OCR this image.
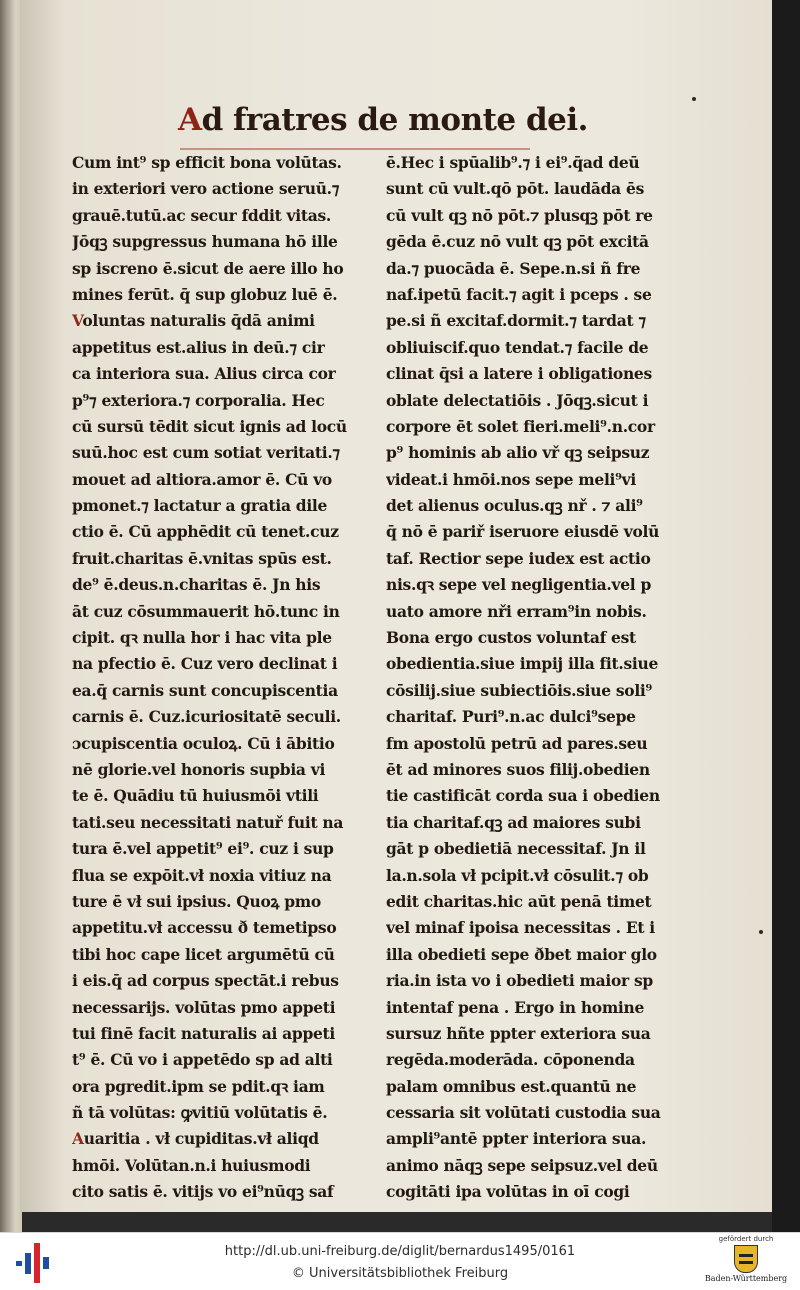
Ad fratres de monte dei.
Cum int⁹ sp efficit bona volūtas.
in exteriori vero actione seruū.⁊
grauē.tutū.ac secur fddit vitas.
Jōqꝫ supgressus humana hō ille
sp iscreno ē.sicut de aere illo ho
mines ferūt. q̄ sup globuz luē ē.
Voluntas naturalis q̄dā animi
appetitus est.alius in deū.⁊ cir
ca interiora sua. Alius circa cor
p⁹⁊ exteriora.⁊ corporalia. Hec
cū sursū tēdit sicut ignis ad locū
suū.hoc est cum sotiat veritati.⁊
mouet ad altiora.amor ē. Cū vo
pmonet.⁊ lactatur a gratia dile
ctio ē. Cū apphēdit cū tenet.cuz
fruit.charitas ē.vnitas spūs est.
de⁹ ē.deus.n.charitas ē. Jn his
āt cuz cōsummauerit hō.tunc in
cipit. qꝛ nulla hor i hac vita ple
na pfectio ē. Cuz vero declinat i
ea.q̄ carnis sunt concupiscentia
carnis ē. Cuz.icuriositatē seculi.
ɔcupiscentia oculoꝝ. Cū i ābitio
nē glorie.vel honoris supbia vi
te ē. Quādiu tū huiusmōi vtili
tati.seu necessitati natuř fuit na
tura ē.vel appetit⁹ ei⁹. cuz i sup
flua se expōit.vł noxia vitiuz na
ture ē vł sui ipsius. Quoꝝ pmo
appetitu.vł accessu ð temetipso
tibi hoc cape licet argumētū cū
i eis.q̄ ad corpus spectāt.i rebus
necessarijs. volūtas pmo appeti
tui finē facit naturalis ai appeti
t⁹ ē. Cū vo i appetēdo sp ad alti
ora pgredit.ipm se pdit.qꝛ iam
ñ tā volūtas: ꝙvitiū volūtatis ē.
Auaritia . vł cupiditas.vł aliqd
hmōi. Volūtan.n.i huiusmodi
cito satis ē. vitijs vo ei⁹nūqꝫ saf
ē.Hec i spūalib⁹.⁊ i ei⁹.q̄ad deū
sunt cū vult.qō pōt. laudāda ēs
cū vult qꝫ nō pōt.⁊ plusqꝫ pōt re
gēda ē.cuz nō vult qꝫ pōt excitā
da.⁊ puocāda ē. Sepe.n.si ñ fre
naf.ipetū facit.⁊ agit i pceps . se
pe.si ñ excitaf.dormit.⁊ tardat ⁊
obliuiscif.quo tendat.⁊ facile de
clinat q̄si a latere i obligationes
oblate delectatiōis . Jōqꝫ.sicut i
corpore ēt solet fieri.meli⁹.n.cor
p⁹ hominis ab alio vř qꝫ seipsuz
videat.i hmōi.nos sepe meli⁹vi
det alienus oculus.qꝫ nř . ⁊ ali⁹
q̄ nō ē pariř iseruore eiusdē volū
taf. Rectior sepe iudex est actio
nis.qꝛ sepe vel negligentia.vel p
uato amore nři erram⁹in nobis.
Bona ergo custos voluntaf est
obedientia.siue impij illa fit.siue
cōsilij.siue subiectiōis.siue soli⁹
charitaf. Puri⁹.n.ac dulci⁹sepe
fm apostolū petrū ad pares.seu
ēt ad minores suos filij.obedien
tie castificāt corda sua i obedien
tia charitaf.qꝫ ad maiores subi
gāt p obedietiā necessitaf. Jn il
la.n.sola vł pcipit.vł cōsulit.⁊ ob
edit charitas.hic aūt penā timet
vel minaf ipoisa necessitas . Et i
illa obedieti sepe ðbet maior glo
ria.in ista vo i obedieti maior sp
intentaf pena . Ergo in homine
sursuz hñte ppter exteriora sua
regēda.moderāda. cōponenda
palam omnibus est.quantū ne
cessaria sit volūtati custodia sua
ampli⁹antē ppter interiora sua.
animo nāqꝫ sepe seipsuz.vel deū
cogitāti ipa volūtas in oī cogi
http://dl.ub.uni-freiburg.de/diglit/bernardus1495/0161
© Universitätsbibliothek Freiburg
gefördert durch
Baden-Württemberg
